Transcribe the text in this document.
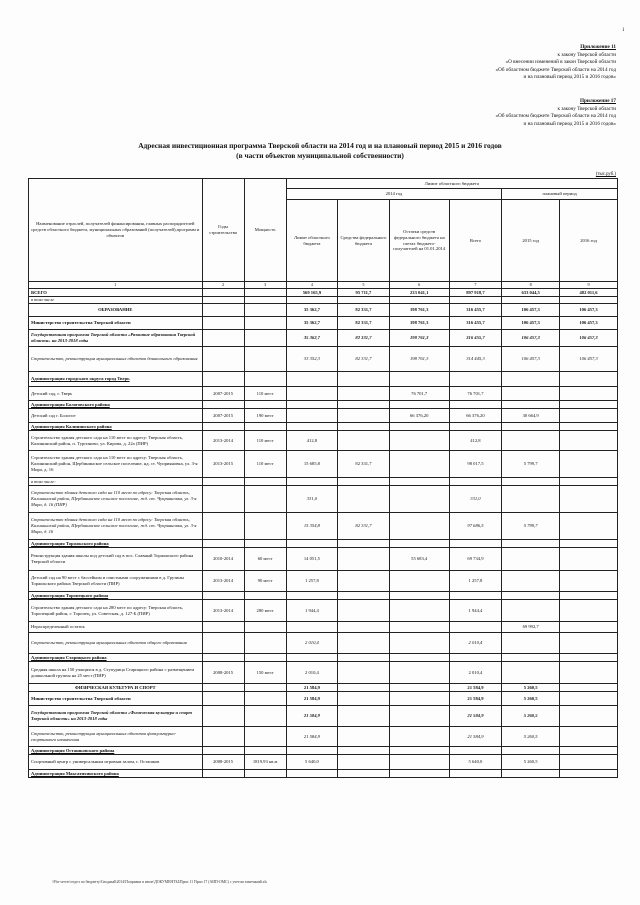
1
Приложение 11
к закону Тверской области
«О внесении изменений в закон Тверской области
«Об областном бюджете Тверской области на 2014 год
и на плановый период 2015 и 2016 годов»
Приложение 17
к закону Тверской области
«Об областном бюджете Тверской области на 2014 год
и на плановый период 2015 и 2016 годов»
Адресная инвестиционная программа Тверской области на 2014 год и на плановый период 2015 и 2016 годов
(в части объектов муниципальной собственности)
(тыс.руб.)
Наименование отраслей, получателей финансирования, главных распорядителей средств областного бюджета, муниципальных образований (получателей),программ и объектов	Годы строительства	Мощность	Лимит областного бюджета					
			2014 год				плановый период	
			Лимит областного бюджета	Средства федерального бюджета	Остатки средств федерального бюджета на счетах бюджето-получателей на 01.01.2014	Всего	2015 год	2016 год
1	2	3	4	5	6	7	8	9
ВСЕГО			569 165,9	95 711,7	233 041,1	897 918,7	633 044,5	482 011,6
в том числе								
ОБРАЗОВАНИЕ			35 362,7	82 331,7	198 761,3	316 455,7	106 457,3	106 457,3
Министерство строительства Тверской области			35 362,7	82 331,7	198 761,3	316 455,7	106 457,3	106 457,3
Государственная программа Тверской области «Развитие образования Тверской области» на 2013-2018 годы			35 362,7	82 331,7	198 761,3	316 455,7	106 457,3	106 457,3
Строительство, реконструкция муниципальных объектов дошкольного образования			33 352,3	82 331,7	198 761,3	314 445,3	106 457,3	106 457,3
Администрация городского округа город Тверь								
Детский сад, г. Тверь	2007-2015	110 мест			76 701,7	76 701,7		
Администрация Бологовского района								
Детский сад г. Бологое	2007-2015	190 мест			66 376,20	66 376,20	30 664,9	
Администрация Калининского района								
Строительство здания детского сада на 110 мест по адресу: Тверская область, Калининский район, п. Тургиново, ул. Кирова, д. 22а (ПИР)	2013-2014	110 мест	412,8			412,8		
Строительство здания детского сада на 110 мест по адресу: Тверская область, Калининский район, Щербининское сельское поселение, нд. ст. Чуприяновка, ул. 3-я Мира, д. 16	2013-2015	110 мест	15 685,8	82 331,7		98 017,5	5 799,7	
в том числе:								
Строительство здания детского сада на 110 мест по адресу: Тверская область, Калининский район, Щербининское сельское поселение, жд. ст. Чуприяновка, ул. 3-я Мира, д. 16 (ПИР)			331,0			331,0		
Строительство здания детского сада на 110 мест по адресу: Тверская область, Калининский район, Щербининское сельское поселение, жд. ст. Чуприяновка, ул. 3-я Мира, д. 16			15 354,8	82 331,7		97 686,5	5 799,7	
Администрация Торжокского района								
Реконструкция здания школы под детский сад в пос. Славный Торжокского района Тверской области	2010-2014	60 мест	14 051,5		55 683,4	69 734,9		
Детский сад на 90 мест с бассейном и очистными сооружениями в д. Грузины Торжокского района Тверской области (ПИР)	2013-2014	90 мест	1 257,8			1 257,8		
Администрация Торопецкого района								
Строительство здания детского сада на 280 мест по адресу: Тверская область, Торопецкий район, г. Торопец, ул. Советская, д. 127-Б (ПИР)	2013-2014	280 мест	1 944,4			1 944,4		
Нераспределенный остаток							69 992,7	
Строительство, реконструкция муниципальных объектов общего образования			2 010,4			2 010,4		
Администрация Старицкого района								
Средняя школа на 150 учащихся в д. Ступурица Старицкого района с размещением дошкольной группы на 25 мест (ПИР)	2008-2015	150 мест	2 010,4			2 010,4		
ФИЗИЧЕСКАЯ КУЛЬТУРА И СПОРТ			21 584,9			21 584,9	5 260,5	
Министерство строительства Тверской области			21 584,9			21 584,9	5 260,5	
Государственная программа Тверской области «Физическая культура и спорт Тверской области» на 2013-2018 годы			21 584,9			21 584,9	5 260,5	
Строительство, реконструкция муниципальных объектов физкультурно-спортивного назначения			21 584,9			21 584,9	5 260,5	
Администрация Осташковского района								
Спортивный центр с универсальным игровым залом, г. Осташков	2008-2015	1819,93 кв.м	5 640,0			5 640,0	5 260,5	
Администрация Максатихинского района								
\\Fin-server\отдел по бюджету\Сводный\2014\Поправки в июле\ДОКУМЕНТЫ\Прил 11 Прил 17 (АИП-ОМС) с учетом замечаний.xls
